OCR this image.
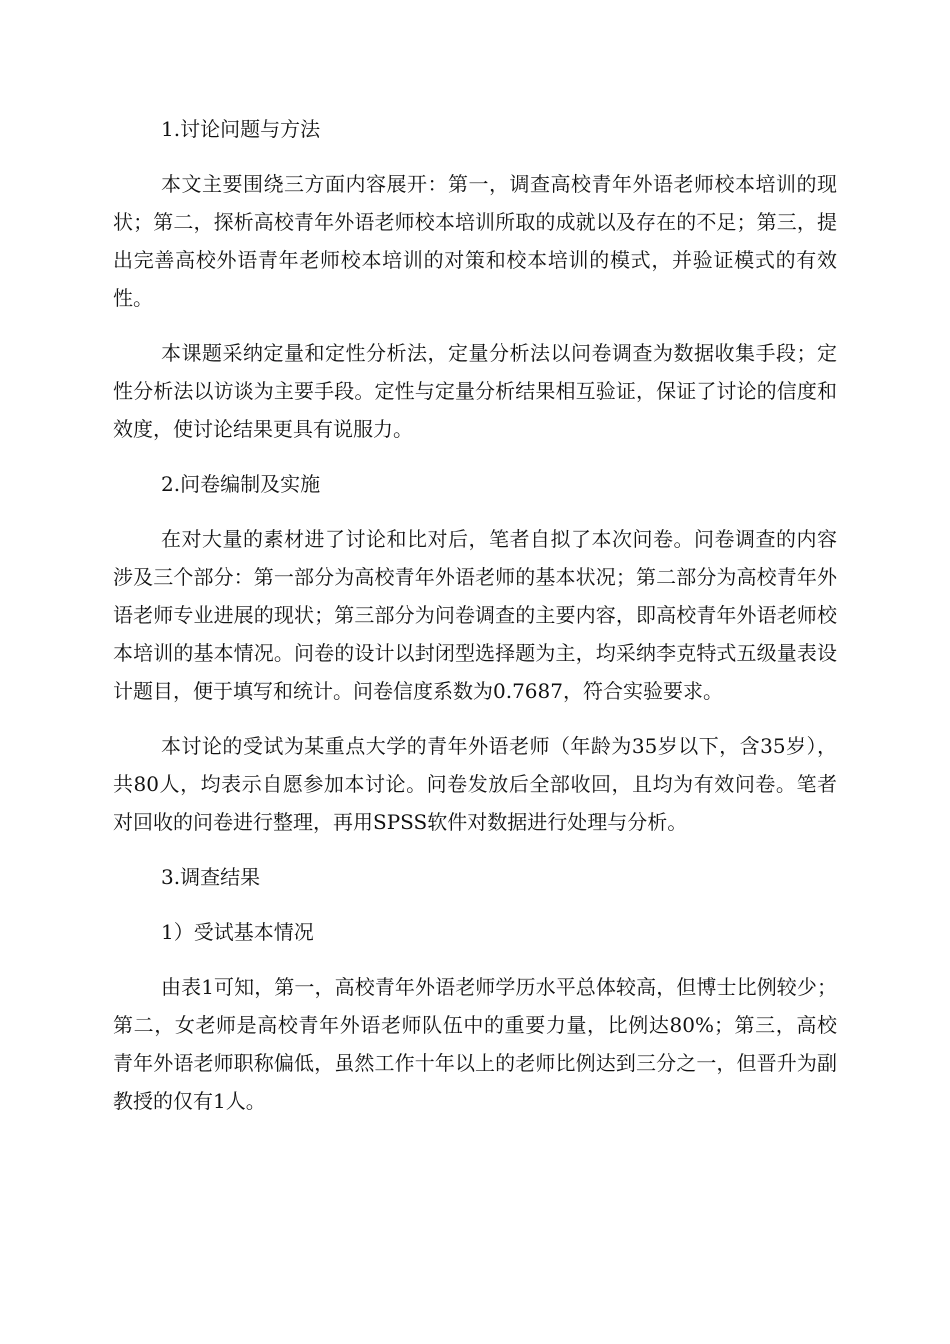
1.讨论问题与方法

本文主要围绕三方面内容展开：第一，调查高校青年外语老师校本培训的现状；第二，探析高校青年外语老师校本培训所取的成就以及存在的不足；第三，提出完善高校外语青年老师校本培训的对策和校本培训的模式，并验证模式的有效性。

本课题采纳定量和定性分析法，定量分析法以问卷调查为数据收集手段；定性分析法以访谈为主要手段。定性与定量分析结果相互验证，保证了讨论的信度和效度，使讨论结果更具有说服力。

2.问卷编制及实施

在对大量的素材进了讨论和比对后，笔者自拟了本次问卷。问卷调查的内容涉及三个部分：第一部分为高校青年外语老师的基本状况；第二部分为高校青年外语老师专业进展的现状；第三部分为问卷调查的主要内容，即高校青年外语老师校本培训的基本情况。问卷的设计以封闭型选择题为主，均采纳李克特式五级量表设计题目，便于填写和统计。问卷信度系数为0.7687，符合实验要求。

本讨论的受试为某重点大学的青年外语老师（年龄为35岁以下，含35岁），共80人，均表示自愿参加本讨论。问卷发放后全部收回，且均为有效问卷。笔者对回收的问卷进行整理，再用SPSS软件对数据进行处理与分析。

3.调查结果
1）受试基本情况

由表1可知，第一，高校青年外语老师学历水平总体较高，但博士比例较少；第二，女老师是高校青年外语老师队伍中的重要力量，比例达80%；第三，高校青年外语老师职称偏低，虽然工作十年以上的老师比例达到三分之一，但晋升为副教授的仅有1人。
